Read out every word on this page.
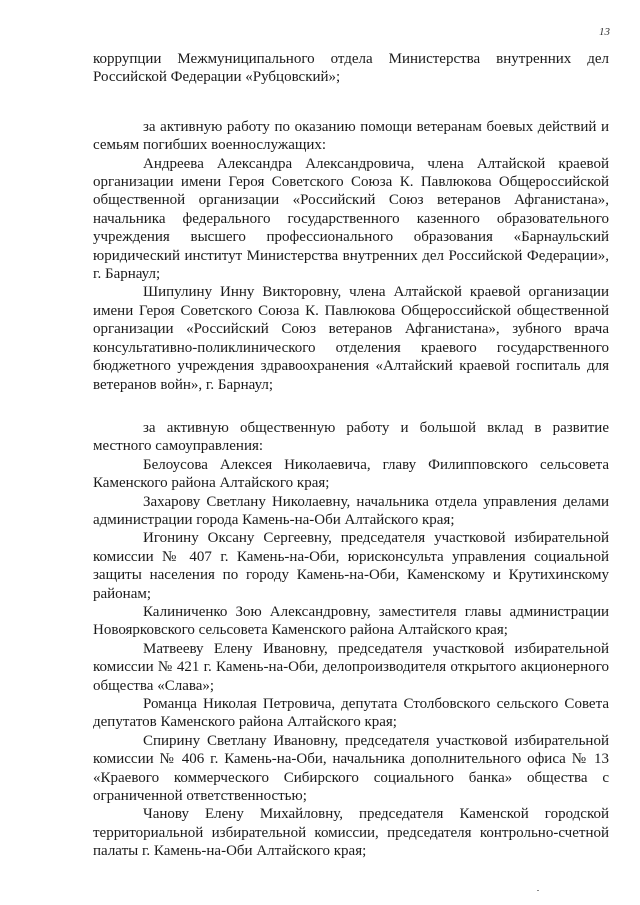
13

коррупции Межмуниципального отдела Министерства внутренних дел Российской Федерации «Рубцовский»;

за активную работу по оказанию помощи ветеранам боевых действий и семьям погибших военнослужащих:

Андреева Александра Александровича, члена Алтайской краевой организации имени Героя Советского Союза К. Павлюкова Общероссийской общественной организации «Российский Союз ветеранов Афганистана», начальника федерального государственного казенного образовательного учреждения высшего профессионального образования «Барнаульский юридический институт Министерства внутренних дел Российской Федерации», г. Барнаул;

Шипулину Инну Викторовну, члена Алтайской краевой организации имени Героя Советского Союза К. Павлюкова Общероссийской общественной организации «Российский Союз ветеранов Афганистана», зубного врача консультативно-поликлинического отделения краевого государственного бюджетного учреждения здравоохранения «Алтайский краевой госпиталь для ветеранов войн», г. Барнаул;

за активную общественную работу и большой вклад в развитие местного самоуправления:

Белоусова Алексея Николаевича, главу Филипповского сельсовета Каменского района Алтайского края;

Захарову Светлану Николаевну, начальника отдела управления делами администрации города Камень-на-Оби Алтайского края;

Игонину Оксану Сергеевну, председателя участковой избирательной комиссии № 407 г. Камень-на-Оби, юрисконсульта управления социальной защиты населения по городу Камень-на-Оби, Каменскому и Крутихинскому районам;

Калиниченко Зою Александровну, заместителя главы администрации Новоярковского сельсовета Каменского района Алтайского края;

Матвееву Елену Ивановну, председателя участковой избирательной комиссии № 421 г. Камень-на-Оби, делопроизводителя открытого акционерного общества «Слава»;

Романца Николая Петровича, депутата Столбовского сельского Совета депутатов Каменского района Алтайского края;

Спирину Светлану Ивановну, председателя участковой избирательной комиссии № 406 г. Камень-на-Оби, начальника дополнительного офиса № 13 «Краевого коммерческого Сибирского социального банка» общества с ограниченной ответственностью;

Чанову Елену Михайловну, председателя Каменской городской территориальной избирательной комиссии, председателя контрольно-счетной палаты г. Камень-на-Оби Алтайского края;
